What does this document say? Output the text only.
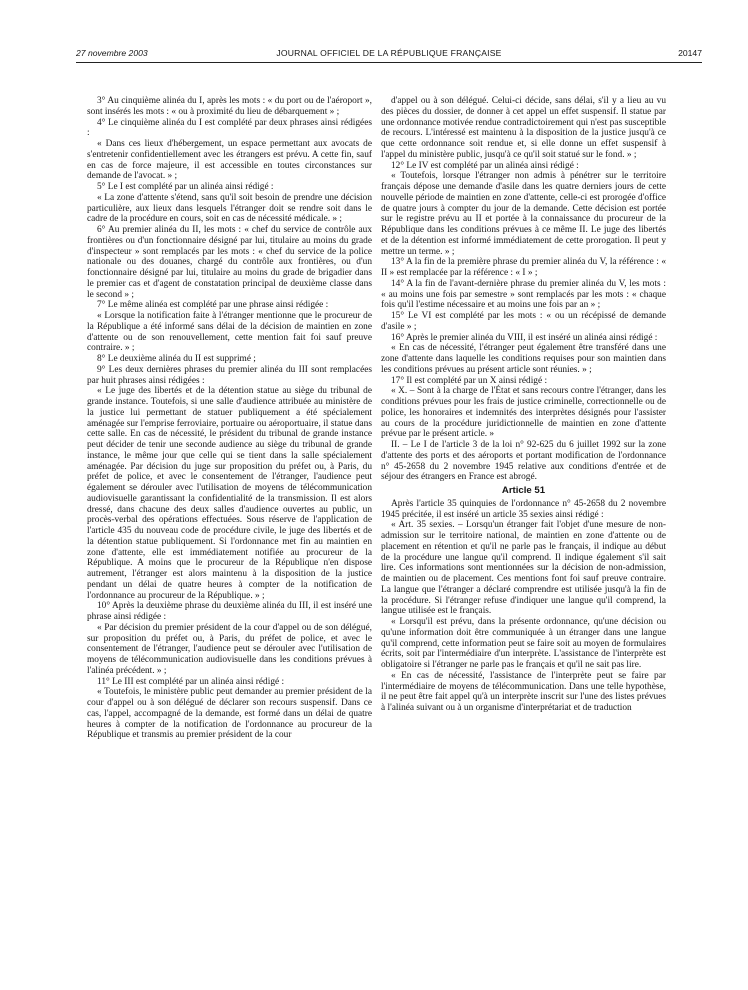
27 novembre 2003	JOURNAL OFFICIEL DE LA RÉPUBLIQUE FRANÇAISE	20147

3° Au cinquième alinéa du I, après les mots : « du port ou de l'aéroport », sont insérés les mots : « ou à proximité du lieu de débarquement » ;

4° Le cinquième alinéa du I est complété par deux phrases ainsi rédigées :

« Dans ces lieux d'hébergement, un espace permettant aux avocats de s'entretenir confidentiellement avec les étrangers est prévu. A cette fin, sauf en cas de force majeure, il est accessible en toutes circonstances sur demande de l'avocat. » ;

5° Le I est complété par un alinéa ainsi rédigé :

« La zone d'attente s'étend, sans qu'il soit besoin de prendre une décision particulière, aux lieux dans lesquels l'étranger doit se rendre soit dans le cadre de la procédure en cours, soit en cas de nécessité médicale. » ;

6° Au premier alinéa du II, les mots : « chef du service de contrôle aux frontières ou d'un fonctionnaire désigné par lui, titulaire au moins du grade d'inspecteur » sont remplacés par les mots : « chef du service de la police nationale ou des douanes, chargé du contrôle aux frontières, ou d'un fonctionnaire désigné par lui, titulaire au moins du grade de brigadier dans le premier cas et d'agent de constatation principal de deuxième classe dans le second » ;

7° Le même alinéa est complété par une phrase ainsi rédigée :

« Lorsque la notification faite à l'étranger mentionne que le procureur de la République a été informé sans délai de la décision de maintien en zone d'attente ou de son renouvellement, cette mention fait foi sauf preuve contraire. » ;

8° Le deuxième alinéa du II est supprimé ;

9° Les deux dernières phrases du premier alinéa du III sont remplacées par huit phrases ainsi rédigées :

« Le juge des libertés et de la détention statue au siège du tribunal de grande instance. Toutefois, si une salle d'audience attribuée au ministère de la justice lui permettant de statuer publiquement a été spécialement aménagée sur l'emprise ferroviaire, portuaire ou aéroportuaire, il statue dans cette salle. En cas de nécessité, le président du tribunal de grande instance peut décider de tenir une seconde audience au siège du tribunal de grande instance, le même jour que celle qui se tient dans la salle spécialement aménagée. Par décision du juge sur proposition du préfet ou, à Paris, du préfet de police, et avec le consentement de l'étranger, l'audience peut également se dérouler avec l'utilisation de moyens de télécommunication audiovisuelle garantissant la confidentialité de la transmission. Il est alors dressé, dans chacune des deux salles d'audience ouvertes au public, un procès-verbal des opérations effectuées. Sous réserve de l'application de l'article 435 du nouveau code de procédure civile, le juge des libertés et de la détention statue publiquement. Si l'ordonnance met fin au maintien en zone d'attente, elle est immédiatement notifiée au procureur de la République. A moins que le procureur de la République n'en dispose autrement, l'étranger est alors maintenu à la disposition de la justice pendant un délai de quatre heures à compter de la notification de l'ordonnance au procureur de la République. » ;

10° Après la deuxième phrase du deuxième alinéa du III, il est inséré une phrase ainsi rédigée :

« Par décision du premier président de la cour d'appel ou de son délégué, sur proposition du préfet ou, à Paris, du préfet de police, et avec le consentement de l'étranger, l'audience peut se dérouler avec l'utilisation de moyens de télécommunication audiovisuelle dans les conditions prévues à l'alinéa précédent. » ;

11° Le III est complété par un alinéa ainsi rédigé :

« Toutefois, le ministère public peut demander au premier président de la cour d'appel ou à son délégué de déclarer son recours suspensif. Dans ce cas, l'appel, accompagné de la demande, est formé dans un délai de quatre heures à compter de la notification de l'ordonnance au procureur de la République et transmis au premier président de la cour

d'appel ou à son délégué. Celui-ci décide, sans délai, s'il y a lieu au vu des pièces du dossier, de donner à cet appel un effet suspensif. Il statue par une ordonnance motivée rendue contradictoirement qui n'est pas susceptible de recours. L'intéressé est maintenu à la disposition de la justice jusqu'à ce que cette ordonnance soit rendue et, si elle donne un effet suspensif à l'appel du ministère public, jusqu'à ce qu'il soit statué sur le fond. » ;

12° Le IV est complété par un alinéa ainsi rédigé :

« Toutefois, lorsque l'étranger non admis à pénétrer sur le territoire français dépose une demande d'asile dans les quatre derniers jours de cette nouvelle période de maintien en zone d'attente, celle-ci est prorogée d'office de quatre jours à compter du jour de la demande. Cette décision est portée sur le registre prévu au II et portée à la connaissance du procureur de la République dans les conditions prévues à ce même II. Le juge des libertés et de la détention est informé immédiatement de cette prorogation. Il peut y mettre un terme. » ;

13° A la fin de la première phrase du premier alinéa du V, la référence : « II » est remplacée par la référence : « I » ;

14° A la fin de l'avant-dernière phrase du premier alinéa du V, les mots : « au moins une fois par semestre » sont remplacés par les mots : « chaque fois qu'il l'estime nécessaire et au moins une fois par an » ;

15° Le VI est complété par les mots : « ou un récépissé de demande d'asile » ;

16° Après le premier alinéa du VIII, il est inséré un alinéa ainsi rédigé :

« En cas de nécessité, l'étranger peut également être transféré dans une zone d'attente dans laquelle les conditions requises pour son maintien dans les conditions prévues au présent article sont réunies. » ;

17° Il est complété par un X ainsi rédigé :

« X. – Sont à la charge de l'État et sans recours contre l'étranger, dans les conditions prévues pour les frais de justice criminelle, correctionnelle ou de police, les honoraires et indemnités des interprètes désignés pour l'assister au cours de la procédure juridictionnelle de maintien en zone d'attente prévue par le présent article. »

II. – Le I de l'article 3 de la loi n° 92-625 du 6 juillet 1992 sur la zone d'attente des ports et des aéroports et portant modification de l'ordonnance n° 45-2658 du 2 novembre 1945 relative aux conditions d'entrée et de séjour des étrangers en France est abrogé.

Article 51

Après l'article 35 quinquies de l'ordonnance n° 45-2658 du 2 novembre 1945 précitée, il est inséré un article 35 sexies ainsi rédigé :

« Art. 35 sexies. – Lorsqu'un étranger fait l'objet d'une mesure de non-admission sur le territoire national, de maintien en zone d'attente ou de placement en rétention et qu'il ne parle pas le français, il indique au début de la procédure une langue qu'il comprend. Il indique également s'il sait lire. Ces informations sont mentionnées sur la décision de non-admission, de maintien ou de placement. Ces mentions font foi sauf preuve contraire. La langue que l'étranger a déclaré comprendre est utilisée jusqu'à la fin de la procédure. Si l'étranger refuse d'indiquer une langue qu'il comprend, la langue utilisée est le français.

« Lorsqu'il est prévu, dans la présente ordonnance, qu'une décision ou qu'une information doit être communiquée à un étranger dans une langue qu'il comprend, cette information peut se faire soit au moyen de formulaires écrits, soit par l'intermédiaire d'un interprète. L'assistance de l'interprète est obligatoire si l'étranger ne parle pas le français et qu'il ne sait pas lire.

« En cas de nécessité, l'assistance de l'interprète peut se faire par l'intermédiaire de moyens de télécommunication. Dans une telle hypothèse, il ne peut être fait appel qu'à un interprète inscrit sur l'une des listes prévues à l'alinéa suivant ou à un organisme d'interprétariat et de traduction
